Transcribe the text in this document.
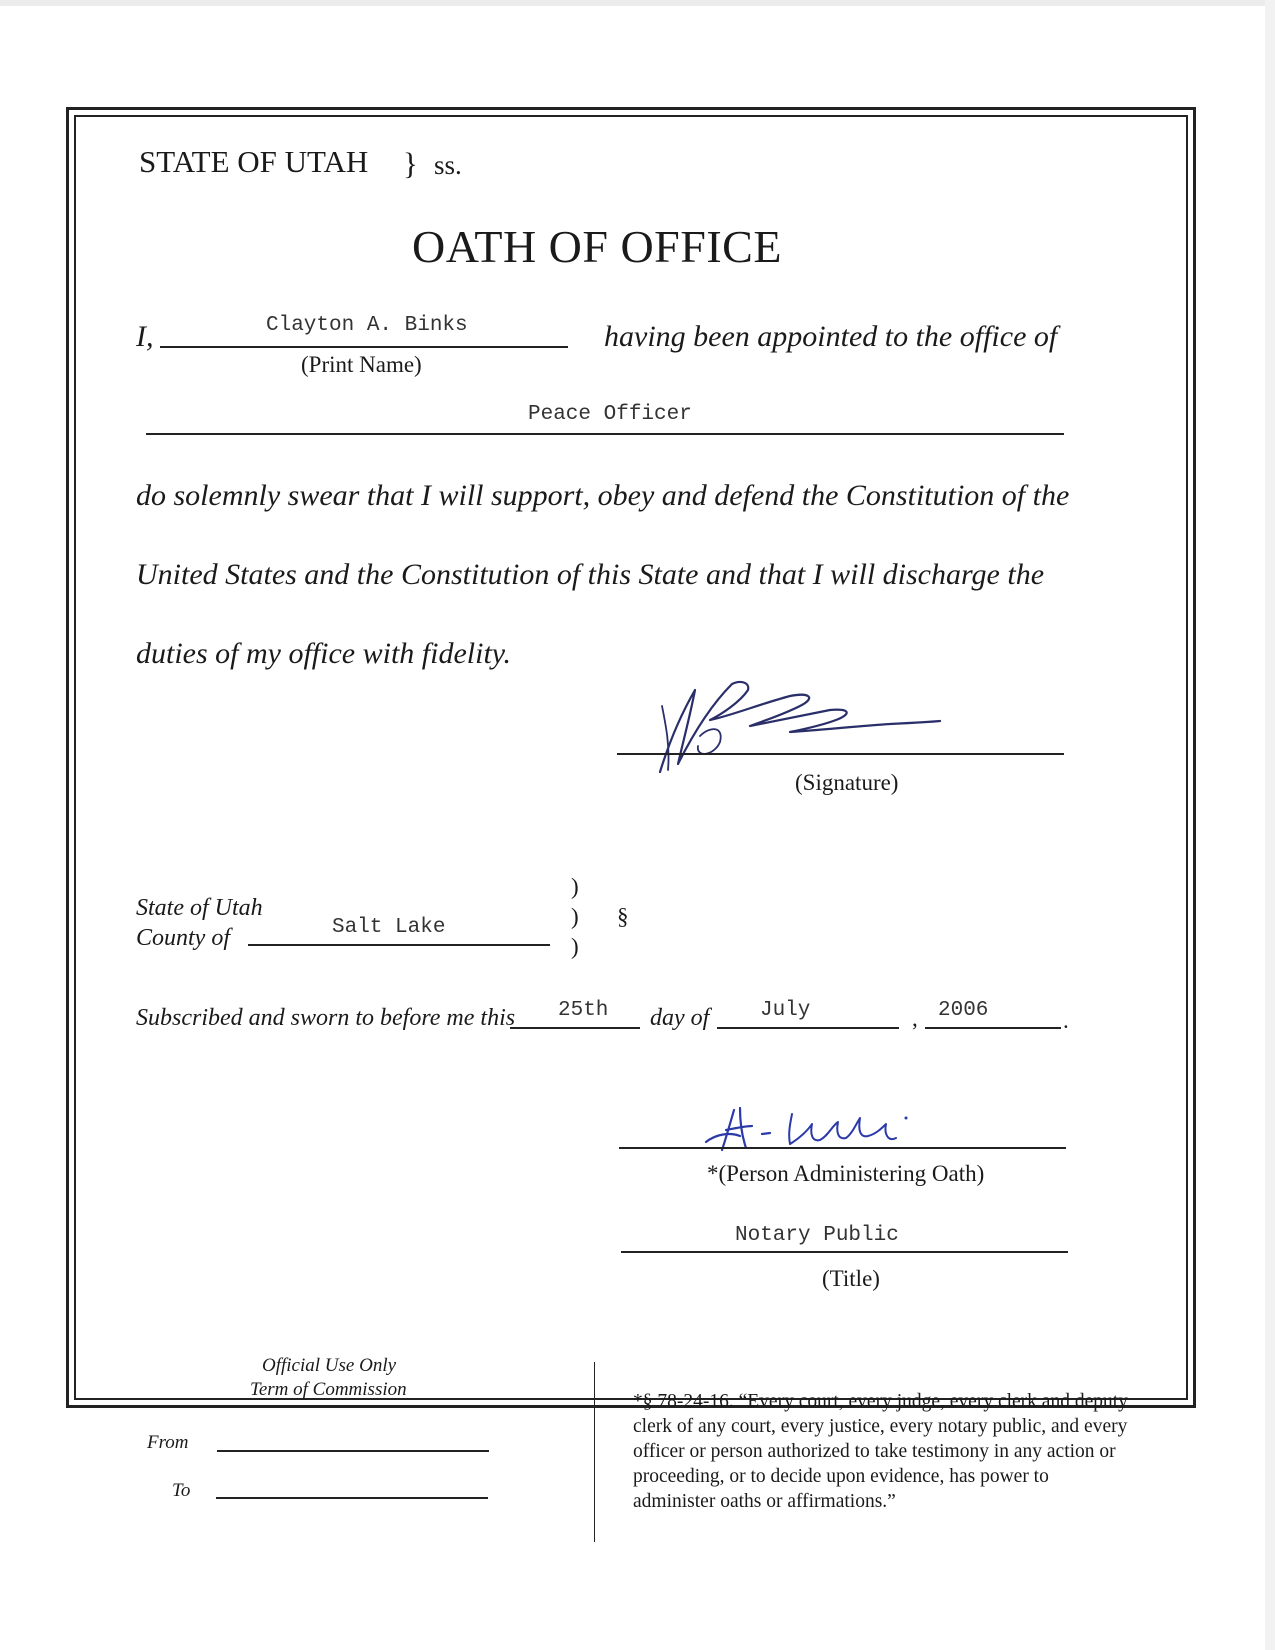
STATE OF UTAH } ss.
OATH OF OFFICE
I,	Clayton A. Binks
(Print Name)
having been appointed to the office of
Peace Officer
do solemnly swear that I will support, obey and defend the Constitution of the
United States and the Constitution of this State and that I will discharge the
duties of my office with fidelity.
(Signature)
State of Utah
County of	Salt Lake
)
)
)
§
Subscribed and sworn to before me this 25th day of July	, 2006	.
*(Person Administering Oath)
Notary Public
(Title)
Official Use Only
Term of Commission
From
To
*§ 78-24-16. “Every court, every judge, every clerk and deputy clerk of any court, every justice, every notary public, and every officer or person authorized to take testimony in any action or proceeding, or to decide upon evidence, has power to administer oaths or affirmations.”
